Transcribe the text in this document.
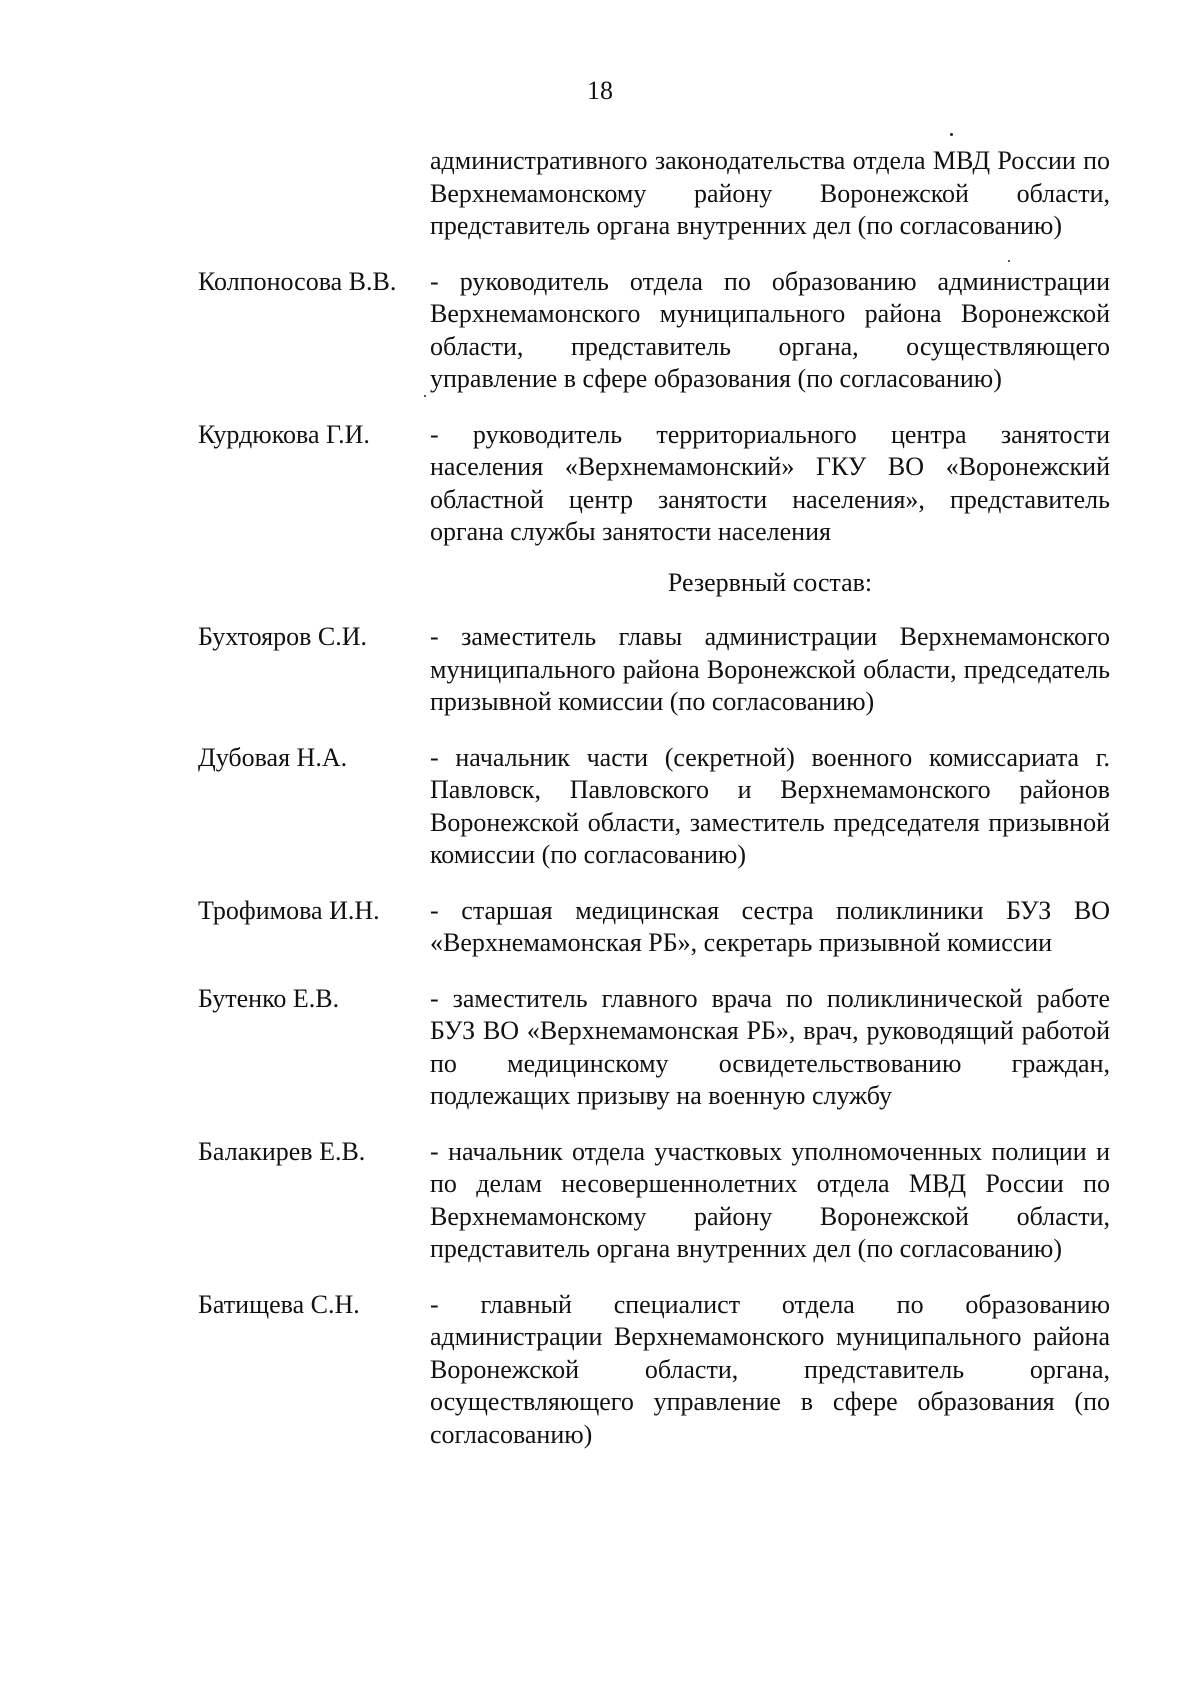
18
административного законодательства отдела МВД России по Верхнемамонскому району Воронежской области, представитель органа внутренних дел (по согласованию)
Колпоносова В.В.	- руководитель отдела по образованию администрации Верхнемамонского муниципального района Воронежской области, представитель органа, осуществляющего управление в сфере образования (по согласованию)
Курдюкова Г.И.	- руководитель территориального центра занятости населения «Верхнемамонский» ГКУ ВО «Воронежский областной центр занятости населения», представитель органа службы занятости населения
Резервный состав:
Бухтояров С.И.	- заместитель главы администрации Верхнемамонского муниципального района Воронежской области, председатель призывной комиссии (по согласованию)
Дубовая Н.А.	- начальник части (секретной) военного комиссариата г. Павловск, Павловского и Верхнемамонского районов Воронежской области, заместитель председателя призывной комиссии (по согласованию)
Трофимова И.Н.	- старшая медицинская сестра поликлиники БУЗ ВО «Верхнемамонская РБ», секретарь призывной комиссии
Бутенко Е.В.	- заместитель главного врача по поликлинической работе БУЗ ВО «Верхнемамонская РБ», врач, руководящий работой по медицинскому освидетельствованию граждан, подлежащих призыву на военную службу
Балакирев Е.В.	- начальник отдела участковых уполномоченных полиции и по делам несовершеннолетних отдела МВД России по Верхнемамонскому району Воронежской области, представитель органа внутренних дел (по согласованию)
Батищева С.Н.	- главный специалист отдела по образованию администрации Верхнемамонского муниципального района Воронежской области, представитель органа, осуществляющего управление в сфере образования (по согласованию)
